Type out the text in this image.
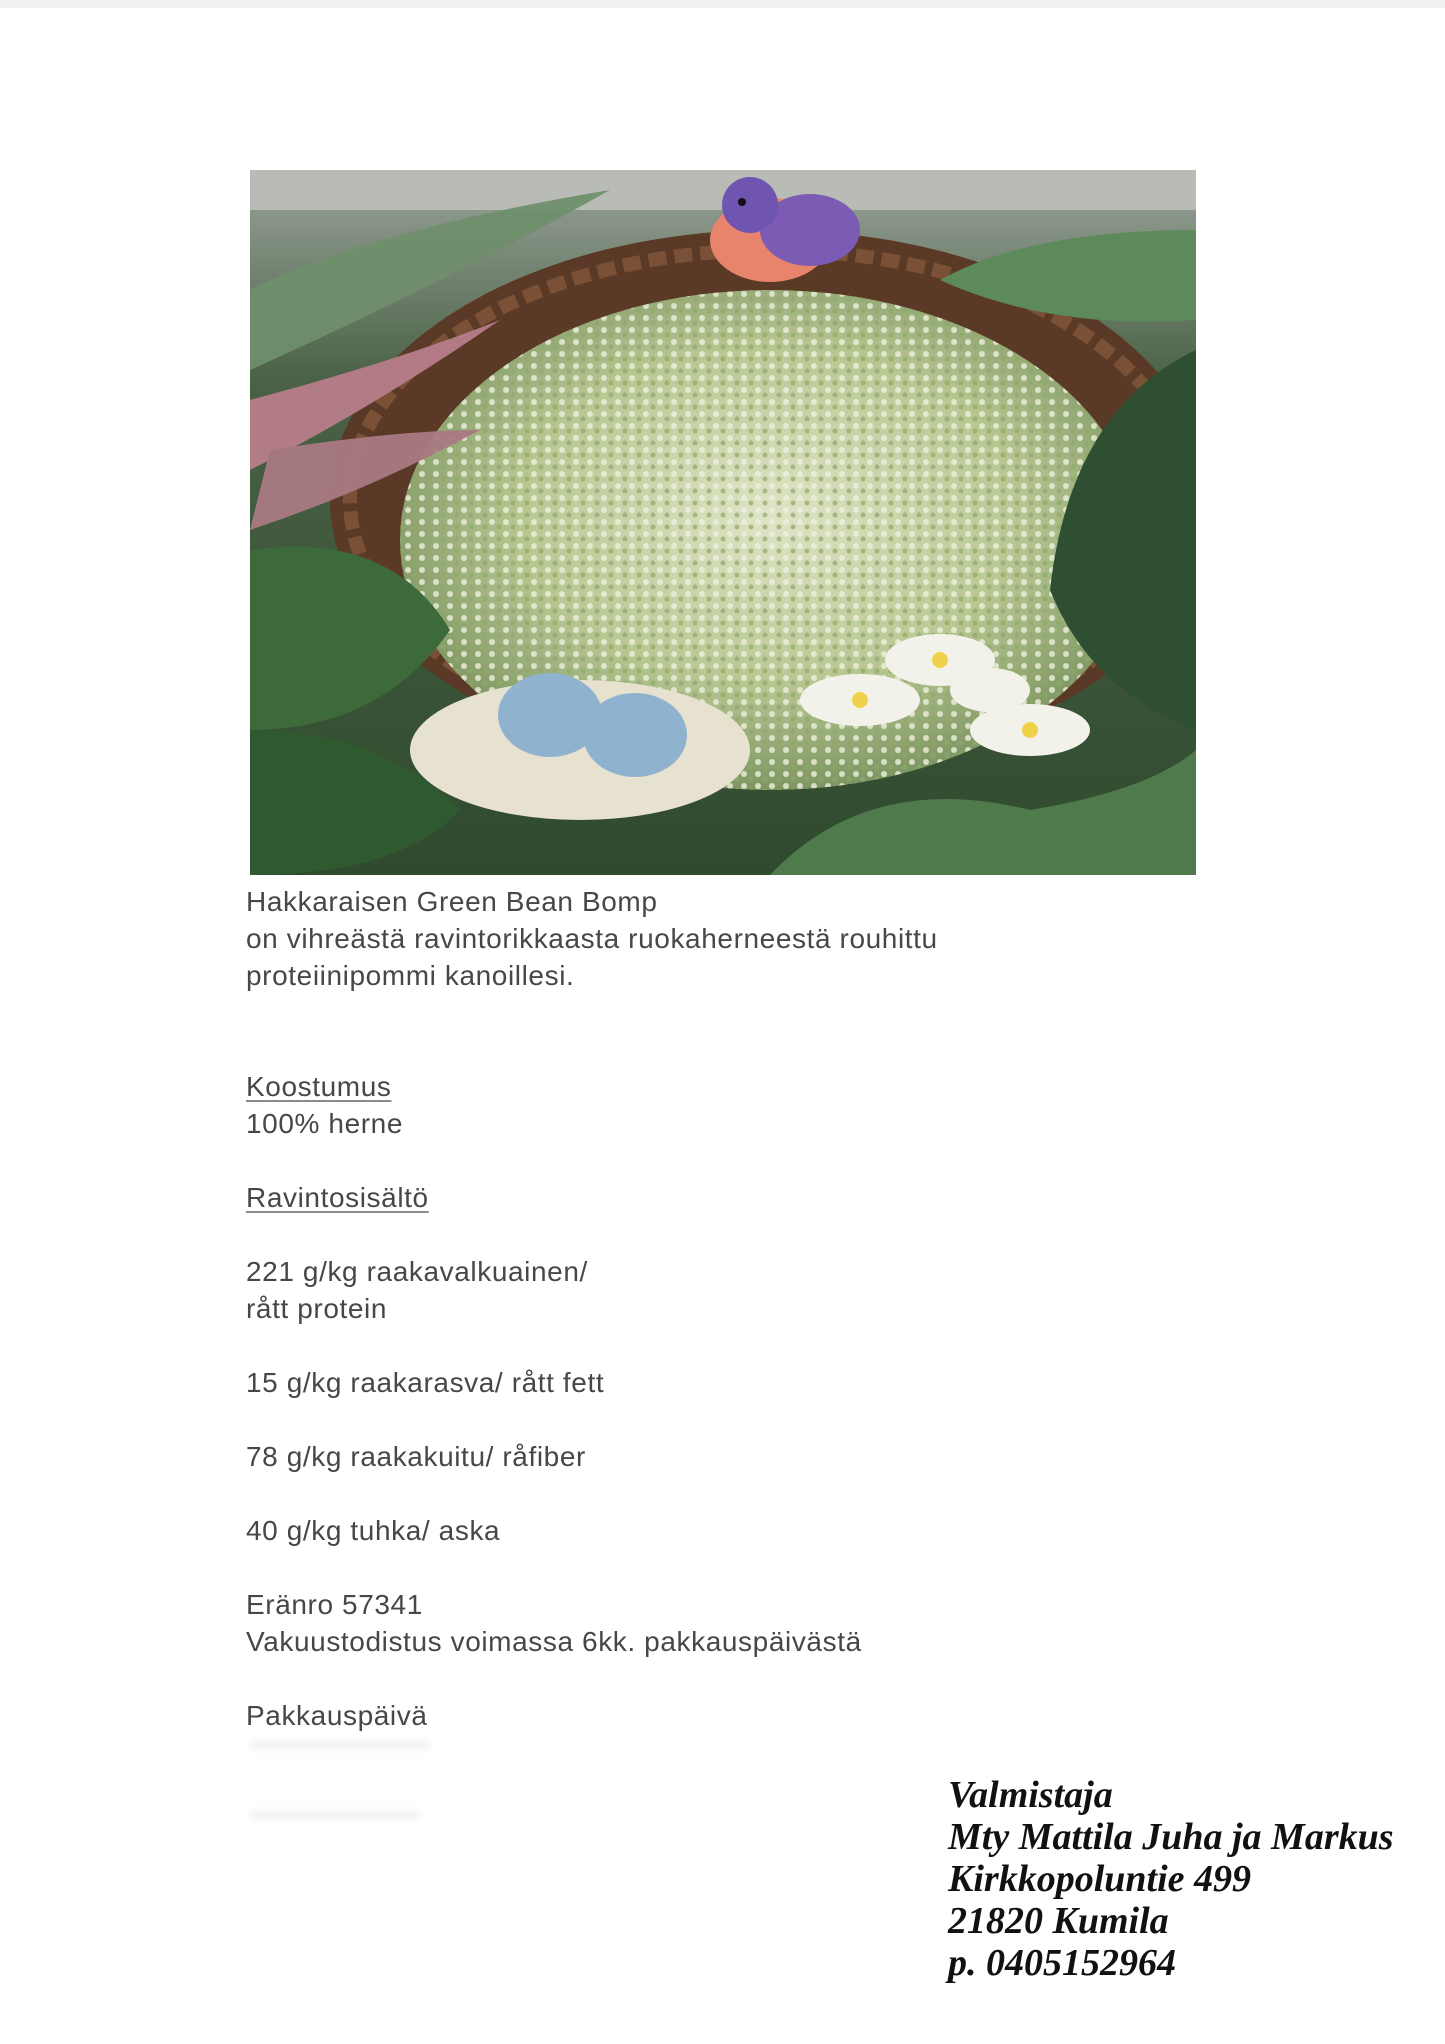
Hakkaraisen Green Bean Bomp
on vihreästä ravintorikkaasta ruokaherneestä rouhittu
proteiinipommi kanoillesi.
Koostumus
100% herne
Ravintosisältö
221 g/kg raakavalkuainen/
rått protein
15 g/kg raakarasva/ rått fett
78 g/kg raakakuitu/ råfiber
40 g/kg tuhka/ aska
Eränro 57341
Vakuustodistus voimassa 6kk. pakkauspäivästä
Pakkauspäivä
Valmistaja
Mty Mattila Juha ja Markus
Kirkkopoluntie 499
21820 Kumila
p. 0405152964
